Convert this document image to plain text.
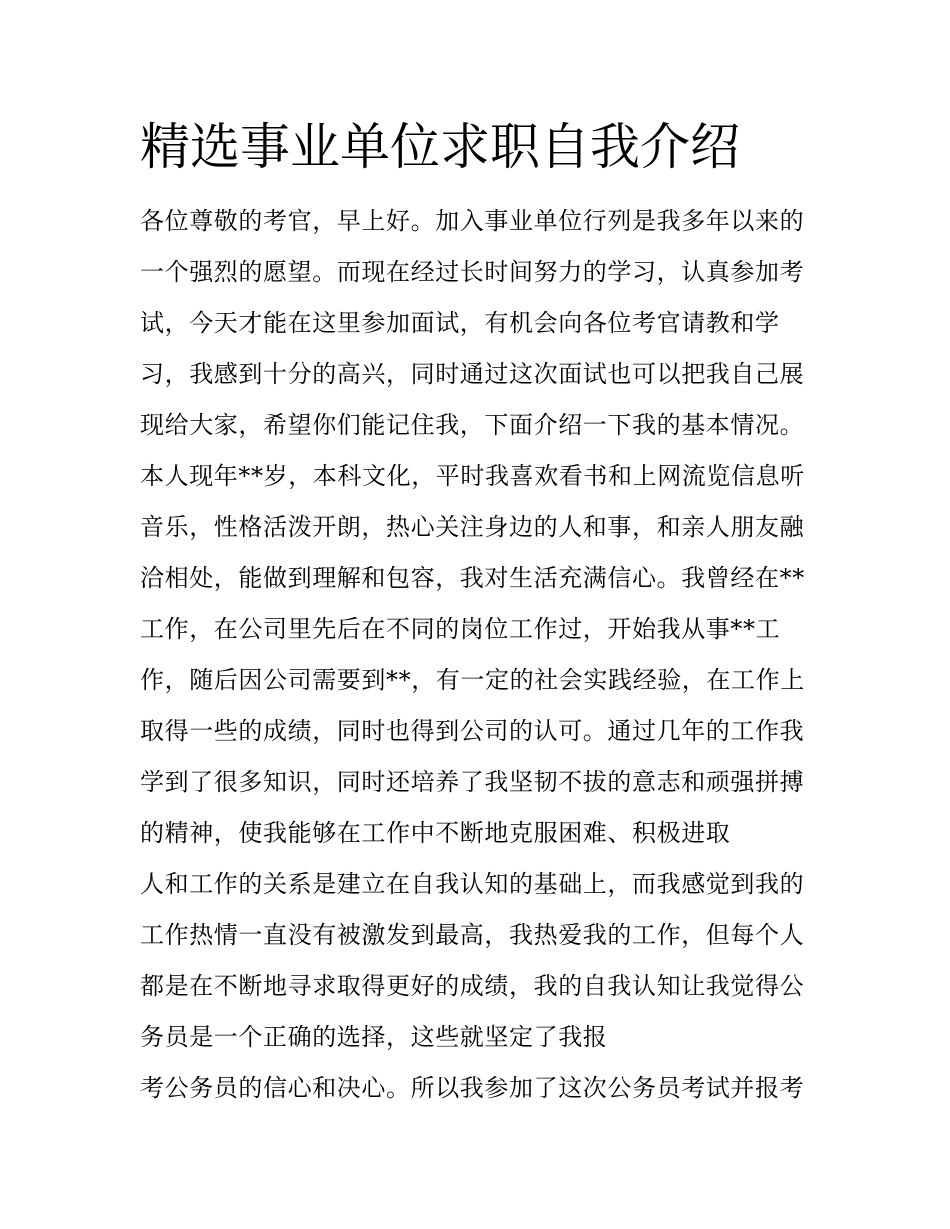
精选事业单位求职自我介绍
各位尊敬的考官，早上好。加入事业单位行列是我多年以来的
一个强烈的愿望。而现在经过长时间努力的学习，认真参加考
试，今天才能在这里参加面试，有机会向各位考官请教和学
习，我感到十分的高兴，同时通过这次面试也可以把我自己展
现给大家，希望你们能记住我，下面介绍一下我的基本情况。
本人现年**岁，本科文化，平时我喜欢看书和上网流览信息听
音乐，性格活泼开朗，热心关注身边的人和事，和亲人朋友融
洽相处，能做到理解和包容，我对生活充满信心。我曾经在**
工作，在公司里先后在不同的岗位工作过，开始我从事**工
作，随后因公司需要到**，有一定的社会实践经验，在工作上
取得一些的成绩，同时也得到公司的认可。通过几年的工作我
学到了很多知识，同时还培养了我坚韧不拔的意志和顽强拼搏
的精神，使我能够在工作中不断地克服困难、积极进取
人和工作的关系是建立在自我认知的基础上，而我感觉到我的
工作热情一直没有被激发到最高，我热爱我的工作，但每个人
都是在不断地寻求取得更好的成绩，我的自我认知让我觉得公
务员是一个正确的选择，这些就坚定了我报
考公务员的信心和决心。所以我参加了这次公务员考试并报考
